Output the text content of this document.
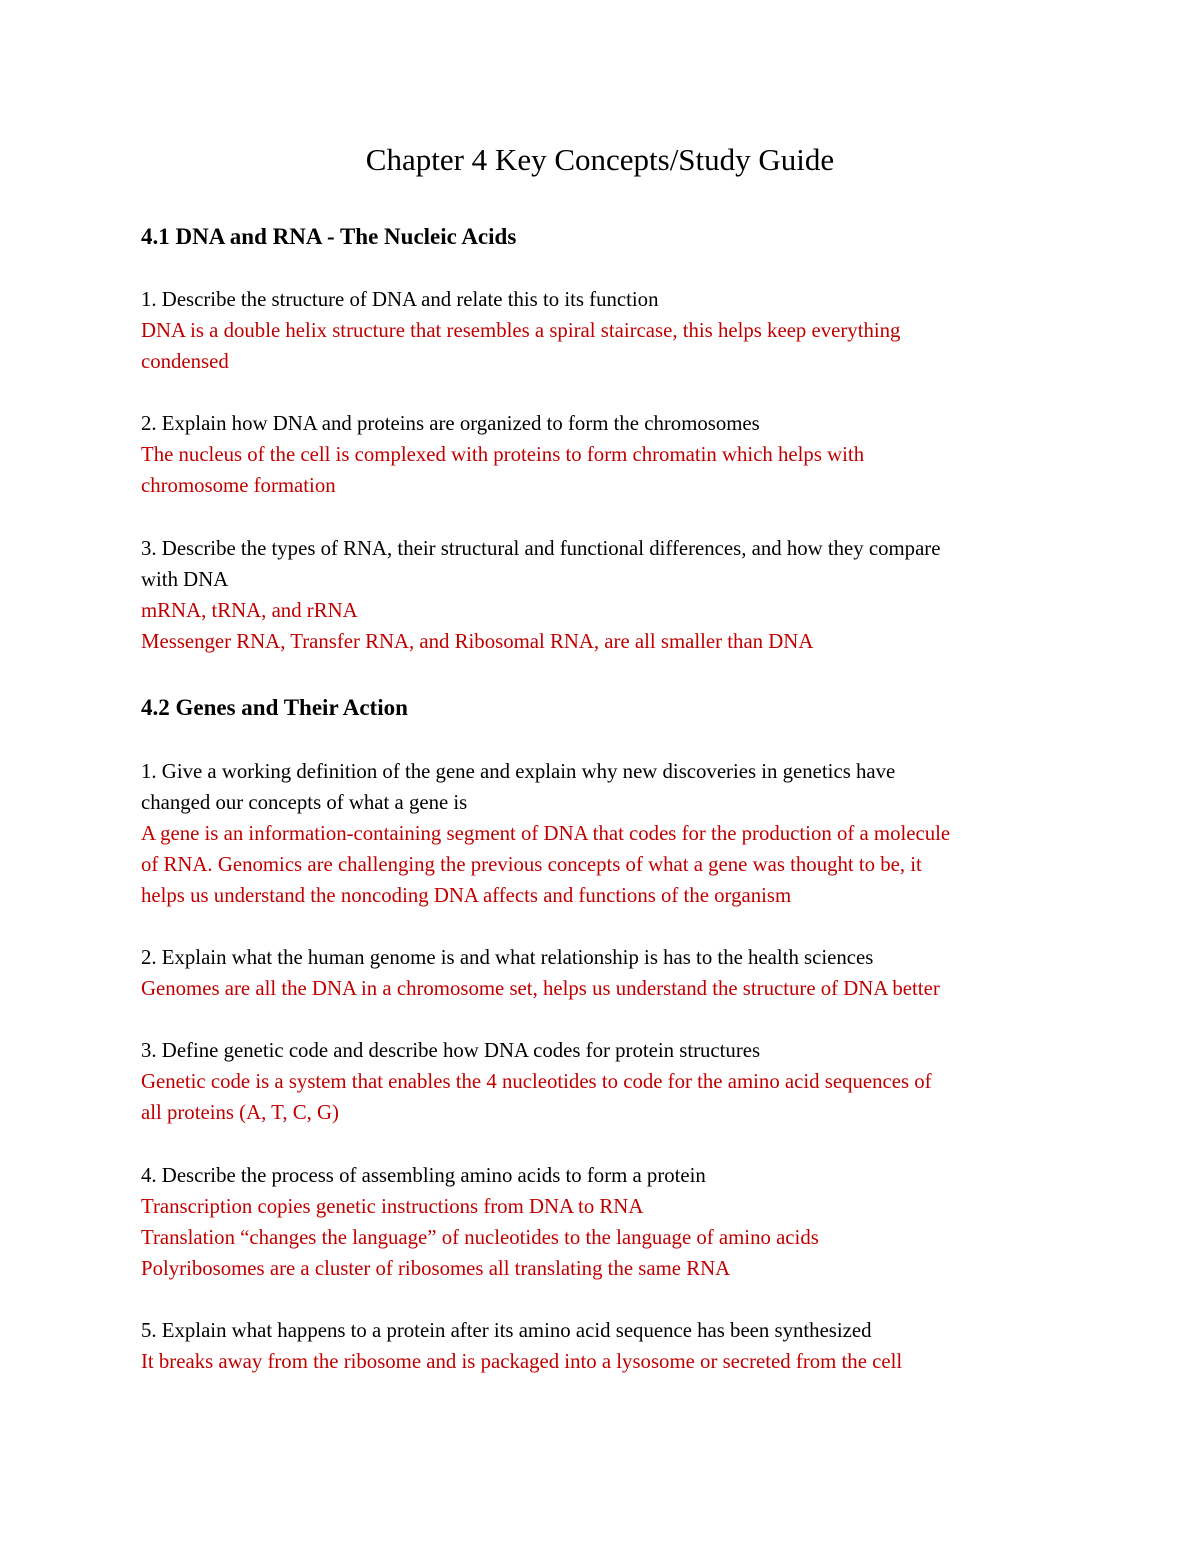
Chapter 4 Key Concepts/Study Guide
4.1 DNA and RNA - The Nucleic Acids
1. Describe the structure of DNA and relate this to its function
DNA is a double helix structure that resembles a spiral staircase, this helps keep everything
condensed
2. Explain how DNA and proteins are organized to form the chromosomes
The nucleus of the cell is complexed with proteins to form chromatin which helps with
chromosome formation
3. Describe the types of RNA, their structural and functional differences, and how they compare
with DNA
mRNA, tRNA, and rRNA
Messenger RNA, Transfer RNA, and Ribosomal RNA, are all smaller than DNA
4.2 Genes and Their Action
1. Give a working definition of the gene and explain why new discoveries in genetics have
changed our concepts of what a gene is
A gene is an information-containing segment of DNA that codes for the production of a molecule
of RNA. Genomics are challenging the previous concepts of what a gene was thought to be, it
helps us understand the noncoding DNA affects and functions of the organism
2. Explain what the human genome is and what relationship is has to the health sciences
Genomes are all the DNA in a chromosome set, helps us understand the structure of DNA better
3. Define genetic code and describe how DNA codes for protein structures
Genetic code is a system that enables the 4 nucleotides to code for the amino acid sequences of
all proteins (A, T, C, G)
4. Describe the process of assembling amino acids to form a protein
Transcription copies genetic instructions from DNA to RNA
Translation “changes the language” of nucleotides to the language of amino acids
Polyribosomes are a cluster of ribosomes all translating the same RNA
5. Explain what happens to a protein after its amino acid sequence has been synthesized
It breaks away from the ribosome and is packaged into a lysosome or secreted from the cell
